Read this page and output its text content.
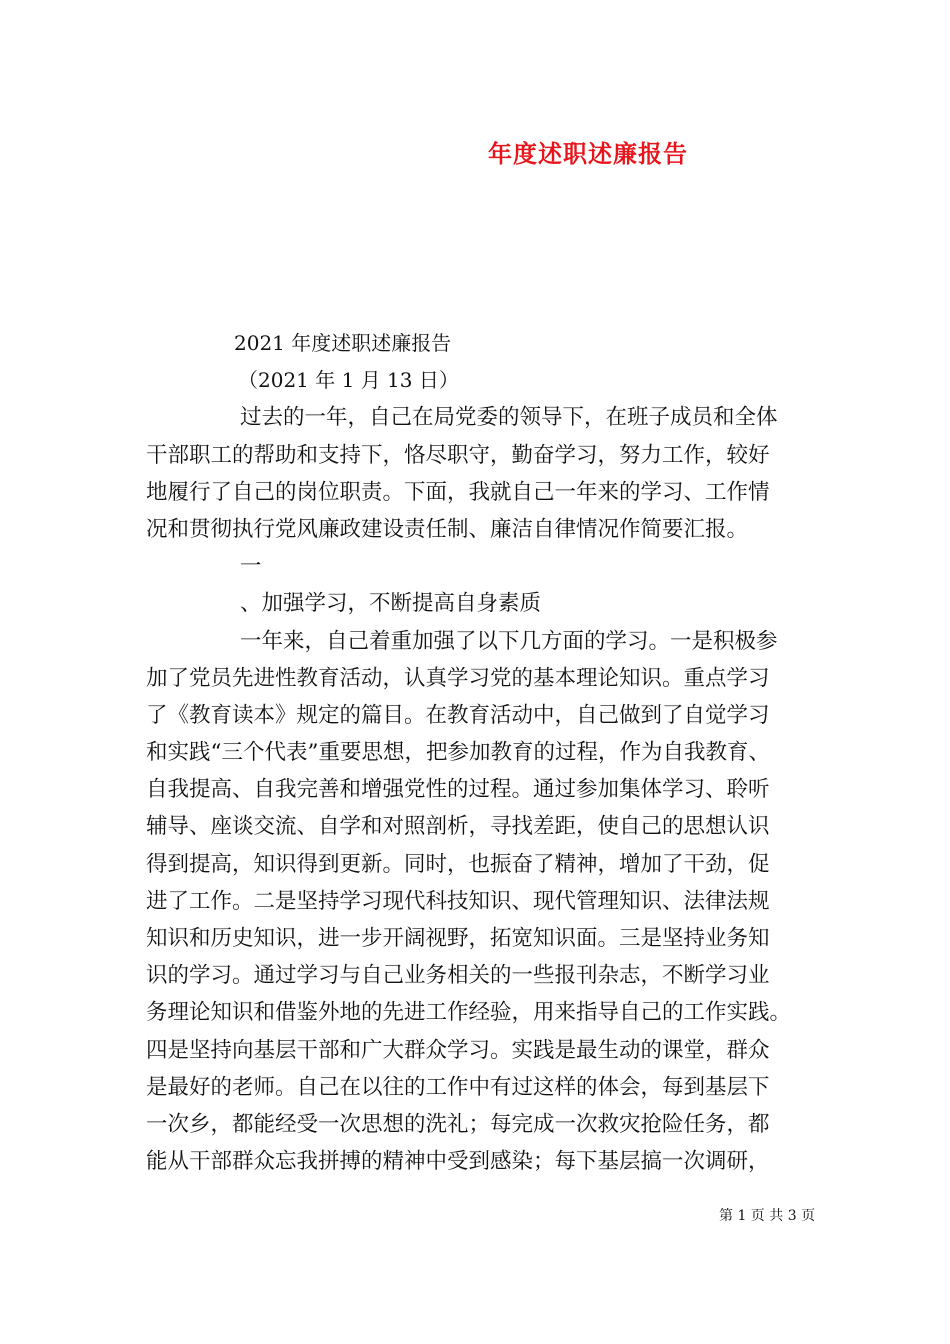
年度述职述廉报告
2021 年度述职述廉报告
（2021 年 1 月 13 日）
过去的一年，自己在局党委的领导下，在班子成员和全体
干部职工的帮助和支持下，恪尽职守，勤奋学习，努力工作，较好
地履行了自己的岗位职责。下面，我就自己一年来的学习、工作情
况和贯彻执行党风廉政建设责任制、廉洁自律情况作简要汇报。
一
、加强学习，不断提高自身素质
一年来，自己着重加强了以下几方面的学习。一是积极参
加了党员先进性教育活动，认真学习党的基本理论知识。重点学习
了《教育读本》规定的篇目。在教育活动中，自己做到了自觉学习
和实践“三个代表”重要思想，把参加教育的过程，作为自我教育、
自我提高、自我完善和增强党性的过程。通过参加集体学习、聆听
辅导、座谈交流、自学和对照剖析，寻找差距，使自己的思想认识
得到提高，知识得到更新。同时，也振奋了精神，增加了干劲，促
进了工作。二是坚持学习现代科技知识、现代管理知识、法律法规
知识和历史知识，进一步开阔视野，拓宽知识面。三是坚持业务知
识的学习。通过学习与自己业务相关的一些报刊杂志，不断学习业
务理论知识和借鉴外地的先进工作经验，用来指导自己的工作实践。
四是坚持向基层干部和广大群众学习。实践是最生动的课堂，群众
是最好的老师。自己在以往的工作中有过这样的体会，每到基层下
一次乡，都能经受一次思想的洗礼；每完成一次救灾抢险任务，都
能从干部群众忘我拼搏的精神中受到感染；每下基层搞一次调研，
第 1 页 共 3 页
